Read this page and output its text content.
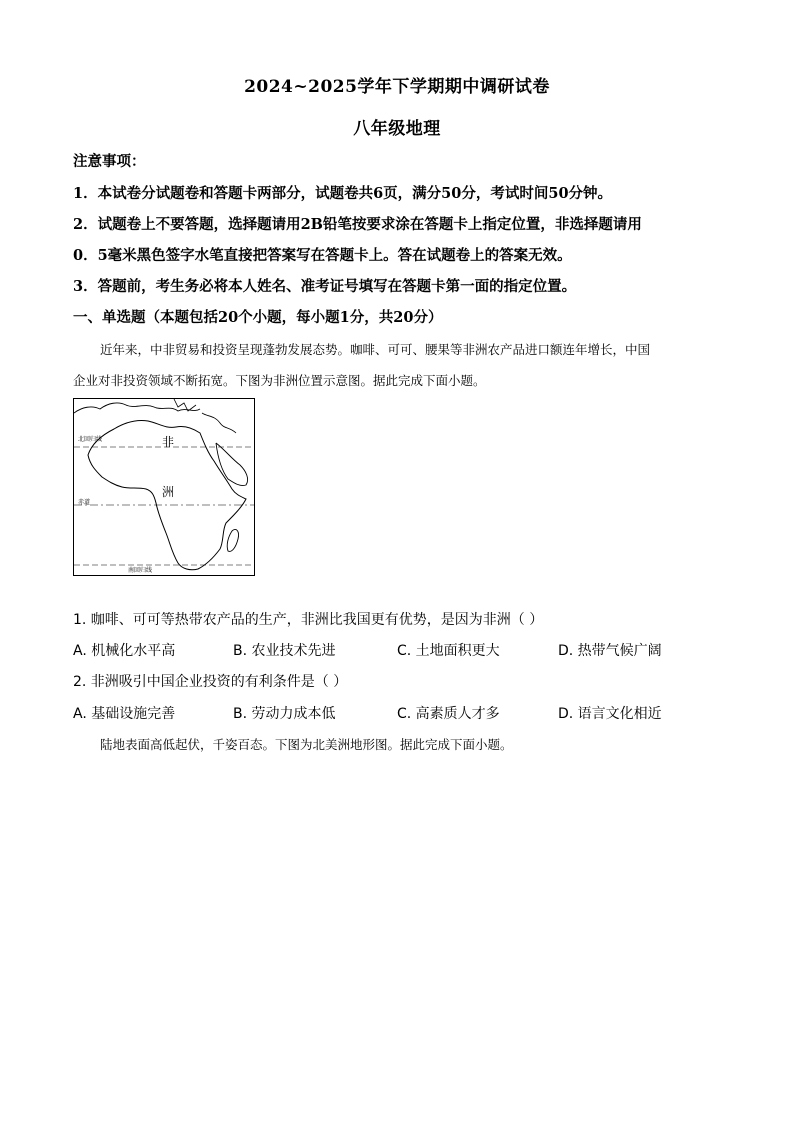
2024~2025学年下学期期中调研试卷
八年级地理
注意事项：
1．本试卷分试题卷和答题卡两部分，试题卷共6页，满分50分，考试时间50分钟。
2．试题卷上不要答题，选择题请用2B铅笔按要求涂在答题卡上指定位置，非选择题请用
0．5毫米黑色签字水笔直接把答案写在答题卡上。答在试题卷上的答案无效。
3．答题前，考生务必将本人姓名、准考证号填写在答题卡第一面的指定位置。
一、单选题（本题包括20个小题，每小题1分，共20分）
近年来，中非贸易和投资呈现蓬勃发展态势。咖啡、可可、腰果等非洲农产品进口额连年增长，中国
企业对非投资领域不断拓宽。下图为非洲位置示意图。据此完成下面小题。
北回归线
赤道
南回归线
非
洲
1. 咖啡、可可等热带农产品的生产，非洲比我国更有优势，是因为非洲（ ）
A. 机械化水平高	B. 农业技术先进	C. 土地面积更大	D. 热带气候广阔
2. 非洲吸引中国企业投资的有利条件是（ ）
A. 基础设施完善	B. 劳动力成本低	C. 高素质人才多	D. 语言文化相近
陆地表面高低起伏，千姿百态。下图为北美洲地形图。据此完成下面小题。
